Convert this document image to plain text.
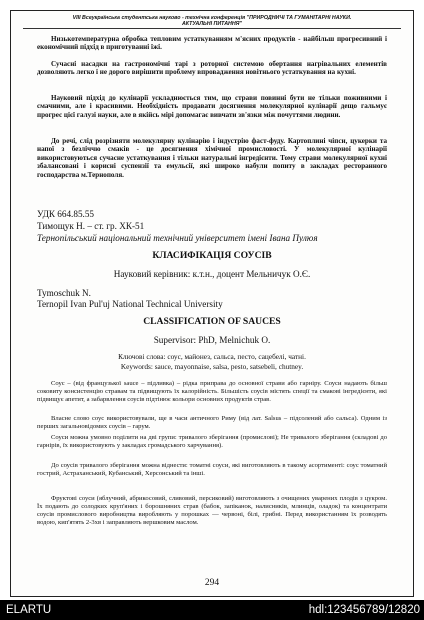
VIII Всеукраїнська студентська науково - технічна конференція "ПРИРОДНИЧІ ТА ГУМАНІТАРНІ НАУКИ.
АКТУАЛЬНІ ПИТАННЯ"

Низькотемпературна обробка тепловим устаткуванням м'ясних продуктів - найбільш прогресивний і економічний підхід в приготуванні їжі.

Сучасні насадки на гастрономічні тарі з роторної системою обертання нагрівальних елементів дозволяють легко і не дорого вирішити проблему впровадження новітнього устаткування на кухні.

Науковий підхід до кулінарії ускладнюється тим, що страви повинні бути не тільки поживними і смачними, але і красивими. Необхідність продавати досягнення молекулярної кулінарії дещо гальмує прогрес цієї галузі науки, але в якійсь мірі допомагає вивчати зв'язки між почуттями людини.

До речі, слід розрізняти молекулярну кулінарію і індустрію фаст-фуду. Картоплині чіпси, цукерки та напої з безліччю смаків - це досягнення хімічної промисловості. У молекулярної кулінарії використовуються сучасне устаткування і тільки натуральні інгредієнти. Тому страви молекулярної кухні збалансовані і корисні суспензії та емульсії, які широко набули попиту в закладах ресторанного господарства м.Тернополя.

УДК 664.85.55
Тимощук Н. – ст. гр. ХК-51
Тернопільський національний технічний університет імені Івана Пулюя
КЛАСИФІКАЦІЯ СОУСІВ
Науковий керівник: к.т.н., доцент Мельничук О.Є.
Tymoschuk N.
Ternopil Ivan Pul'uj National Technical University
CLASSIFICATION OF SAUCES
Supervisor: PhD, Melnichuk O.
Ключові слова: соус, майонез, сальса, песто, сацебелі, чатні.
Keywords: sauce, mayonnaise, salsa, pesto, satsebeli, chutney.

Соус – (від французької sauce – підливка) – рідка приправа до основної страви або гарніру. Соуси надають більш соковиту консистенцію стравам та підвищують їх калорійність. Більшість соусів містять спеції та смакові інгредієнти, які підвищує апетит, а забарвлення соусів підтінює кольори основних продуктів страв.

Власне слово соус використовували, ще в часи античного Риму (від лат. Salsus – підсолений або сальса). Одним із перших загальновідомих соусів – гарум.

Соуси можна умовно поділити на дві групи: тривалого зберігання (промислові); Не тривалого зберігання (складові до гарнірів, їх використовують у закладах громадського харчування).

До соусів тривалого зберігання можна віднести: томатні соуси, які виготовляють в такому асортименті: соус томатний гострий, Астраханський, Кубанський, Херсонський та інші.

Фруктові соуси (яблучний, абрикосовий, сливовий, персиковий) виготовляють з очищених уварених плодів з цукром. Їх подають до солодких круп'яних і борошняних страв (бабок, запіканок, налисників, млинців, оладок) та концентрати соусів промислового виробництва виробляють у порошках — червоні, білі, грибні. Перед використанням їх розводять водою, кип'ятять 2-3хв і заправляють вершковим маслом.

294
ELARTU	hdl:123456789/12820
